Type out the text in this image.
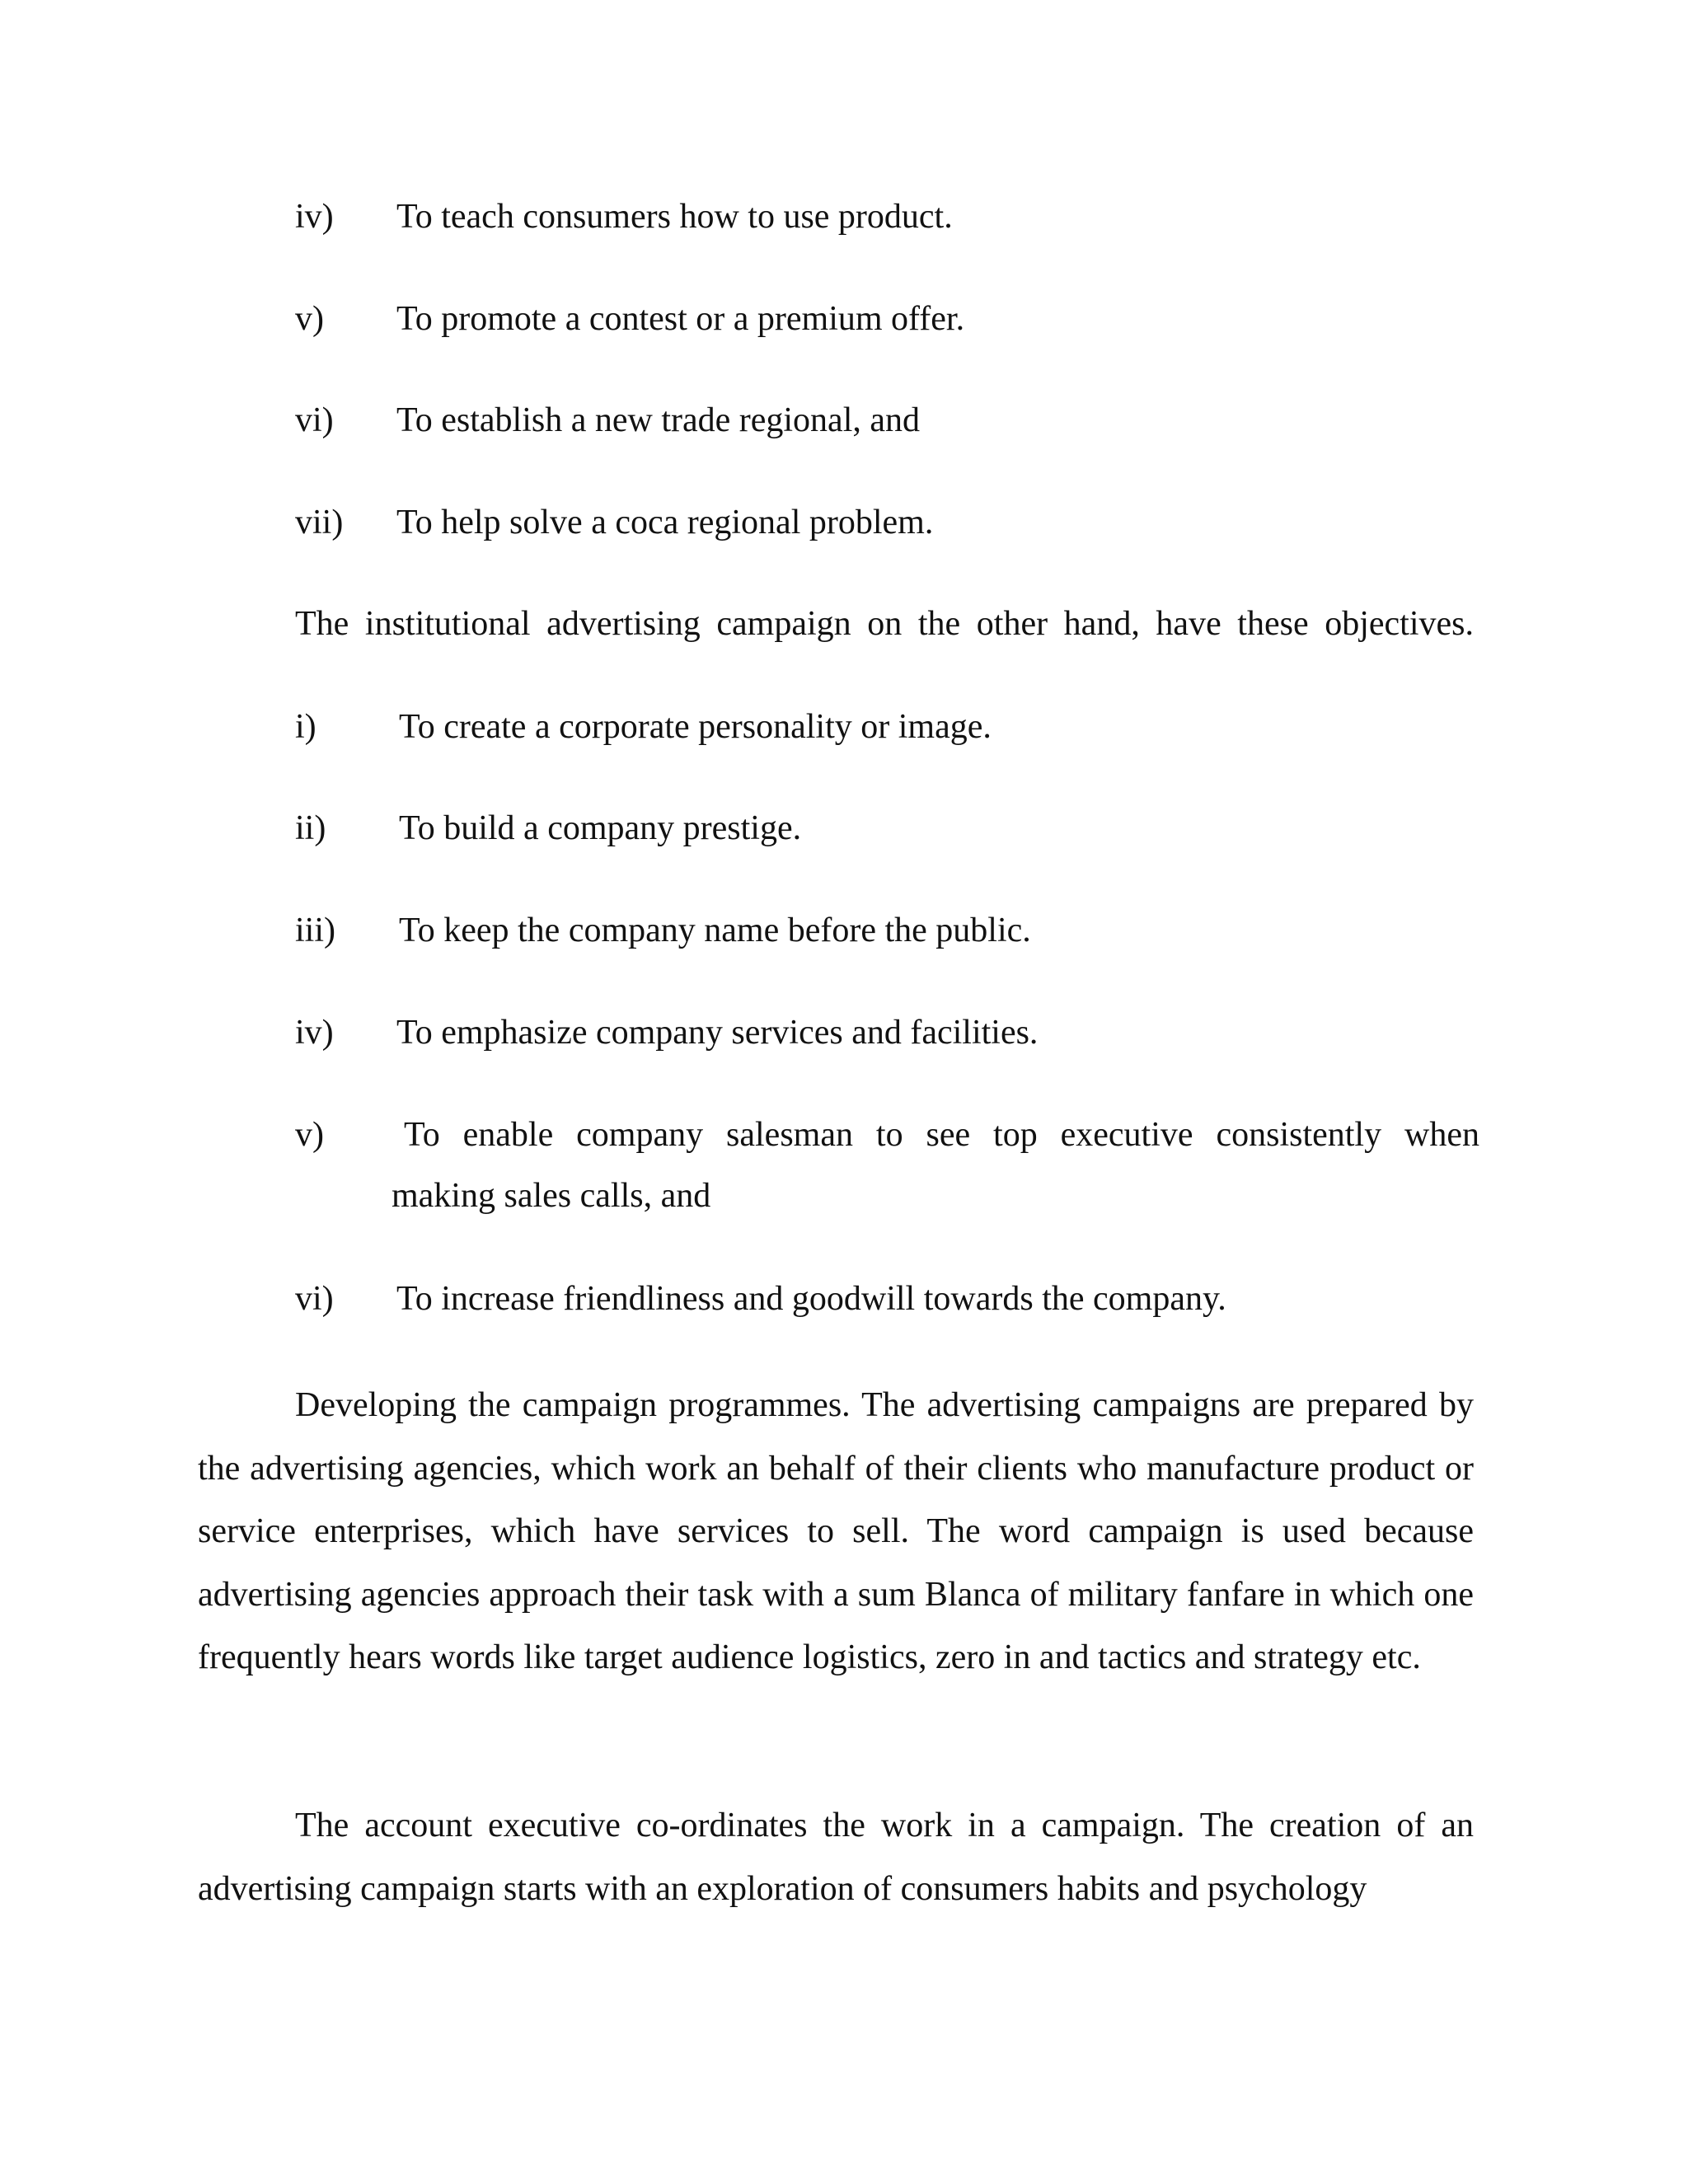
iv) To teach consumers how to use product.
v) To promote a contest or a premium offer.
vi) To establish a new trade regional, and
vii) To help solve a coca regional problem.
The institutional advertising campaign on the other hand, have these objectives.
i) To create a corporate personality or image.
ii) To build a company prestige.
iii) To keep the company name before the public.
iv) To emphasize company services and facilities.
v) To enable company salesman to see top executive consistently when
making sales calls, and
vi) To increase friendliness and goodwill towards the company.

Developing the campaign programmes. The advertising campaigns are prepared by the advertising agencies, which work an behalf of their clients who manufacture product or service enterprises, which have services to sell. The word campaign is used because advertising agencies approach their task with a sum Blanca of military fanfare in which one frequently hears words like target audience logistics, zero in and tactics and strategy etc.

The account executive co-ordinates the work in a campaign. The creation of an advertising campaign starts with an exploration of consumers habits and psychology
